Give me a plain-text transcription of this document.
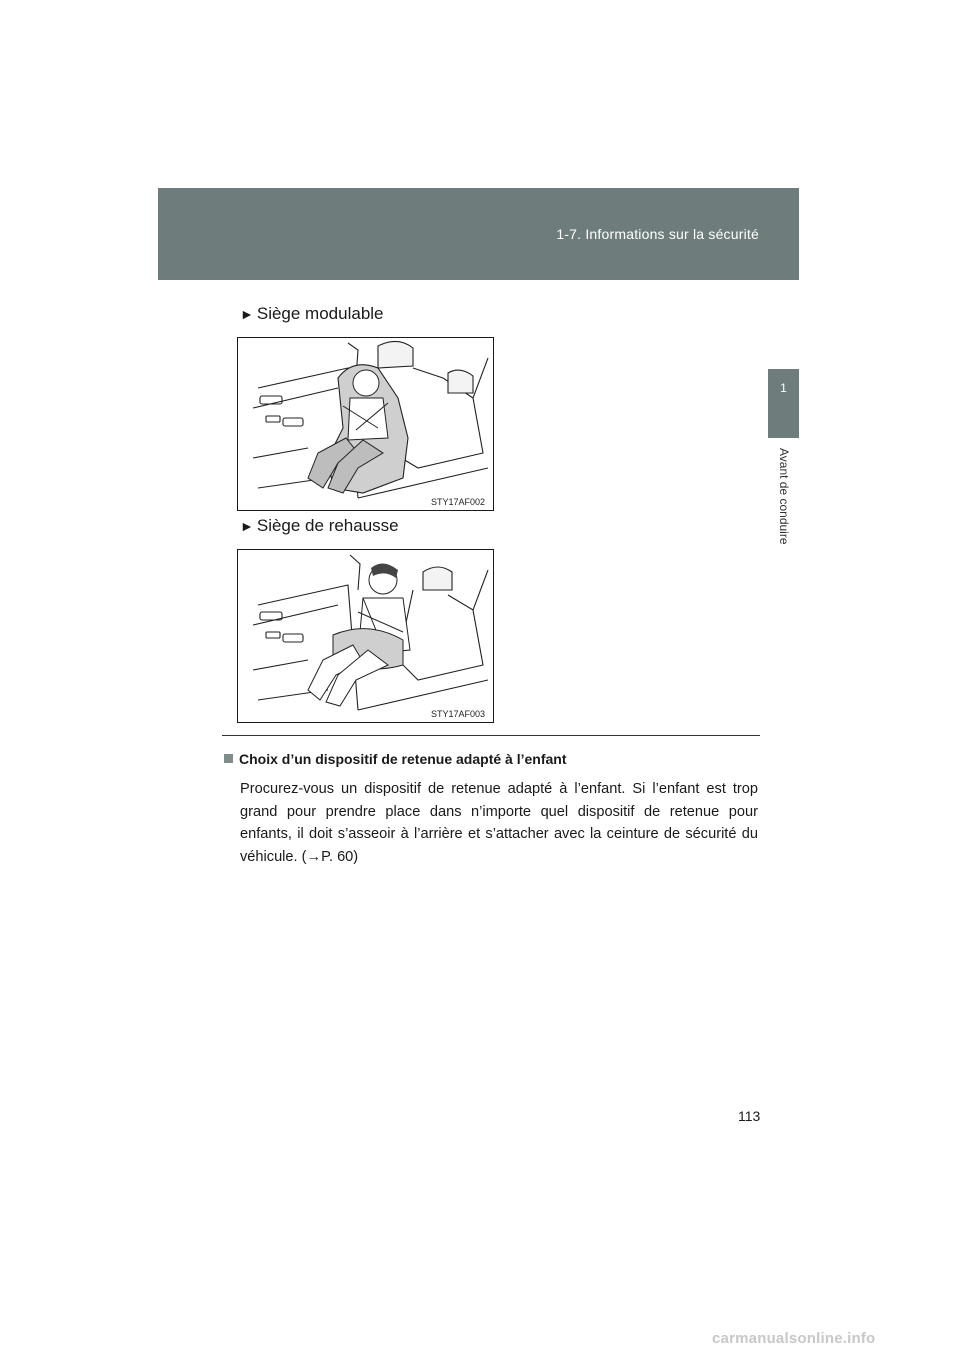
1-7. Informations sur la sécurité
1
Avant de conduire
► Siège modulable
STY17AF002
► Siège de rehausse
STY17AF003
Choix d’un dispositif de retenue adapté à l’enfant
Procurez-vous un dispositif de retenue adapté à l’enfant. Si l’enfant est trop grand pour prendre place dans n’importe quel dispositif de retenue pour enfants, il doit s’asseoir à l’arrière et s’attacher avec la ceinture de sécurité du véhicule. (→P. 60)
113
carmanualsonline.info
